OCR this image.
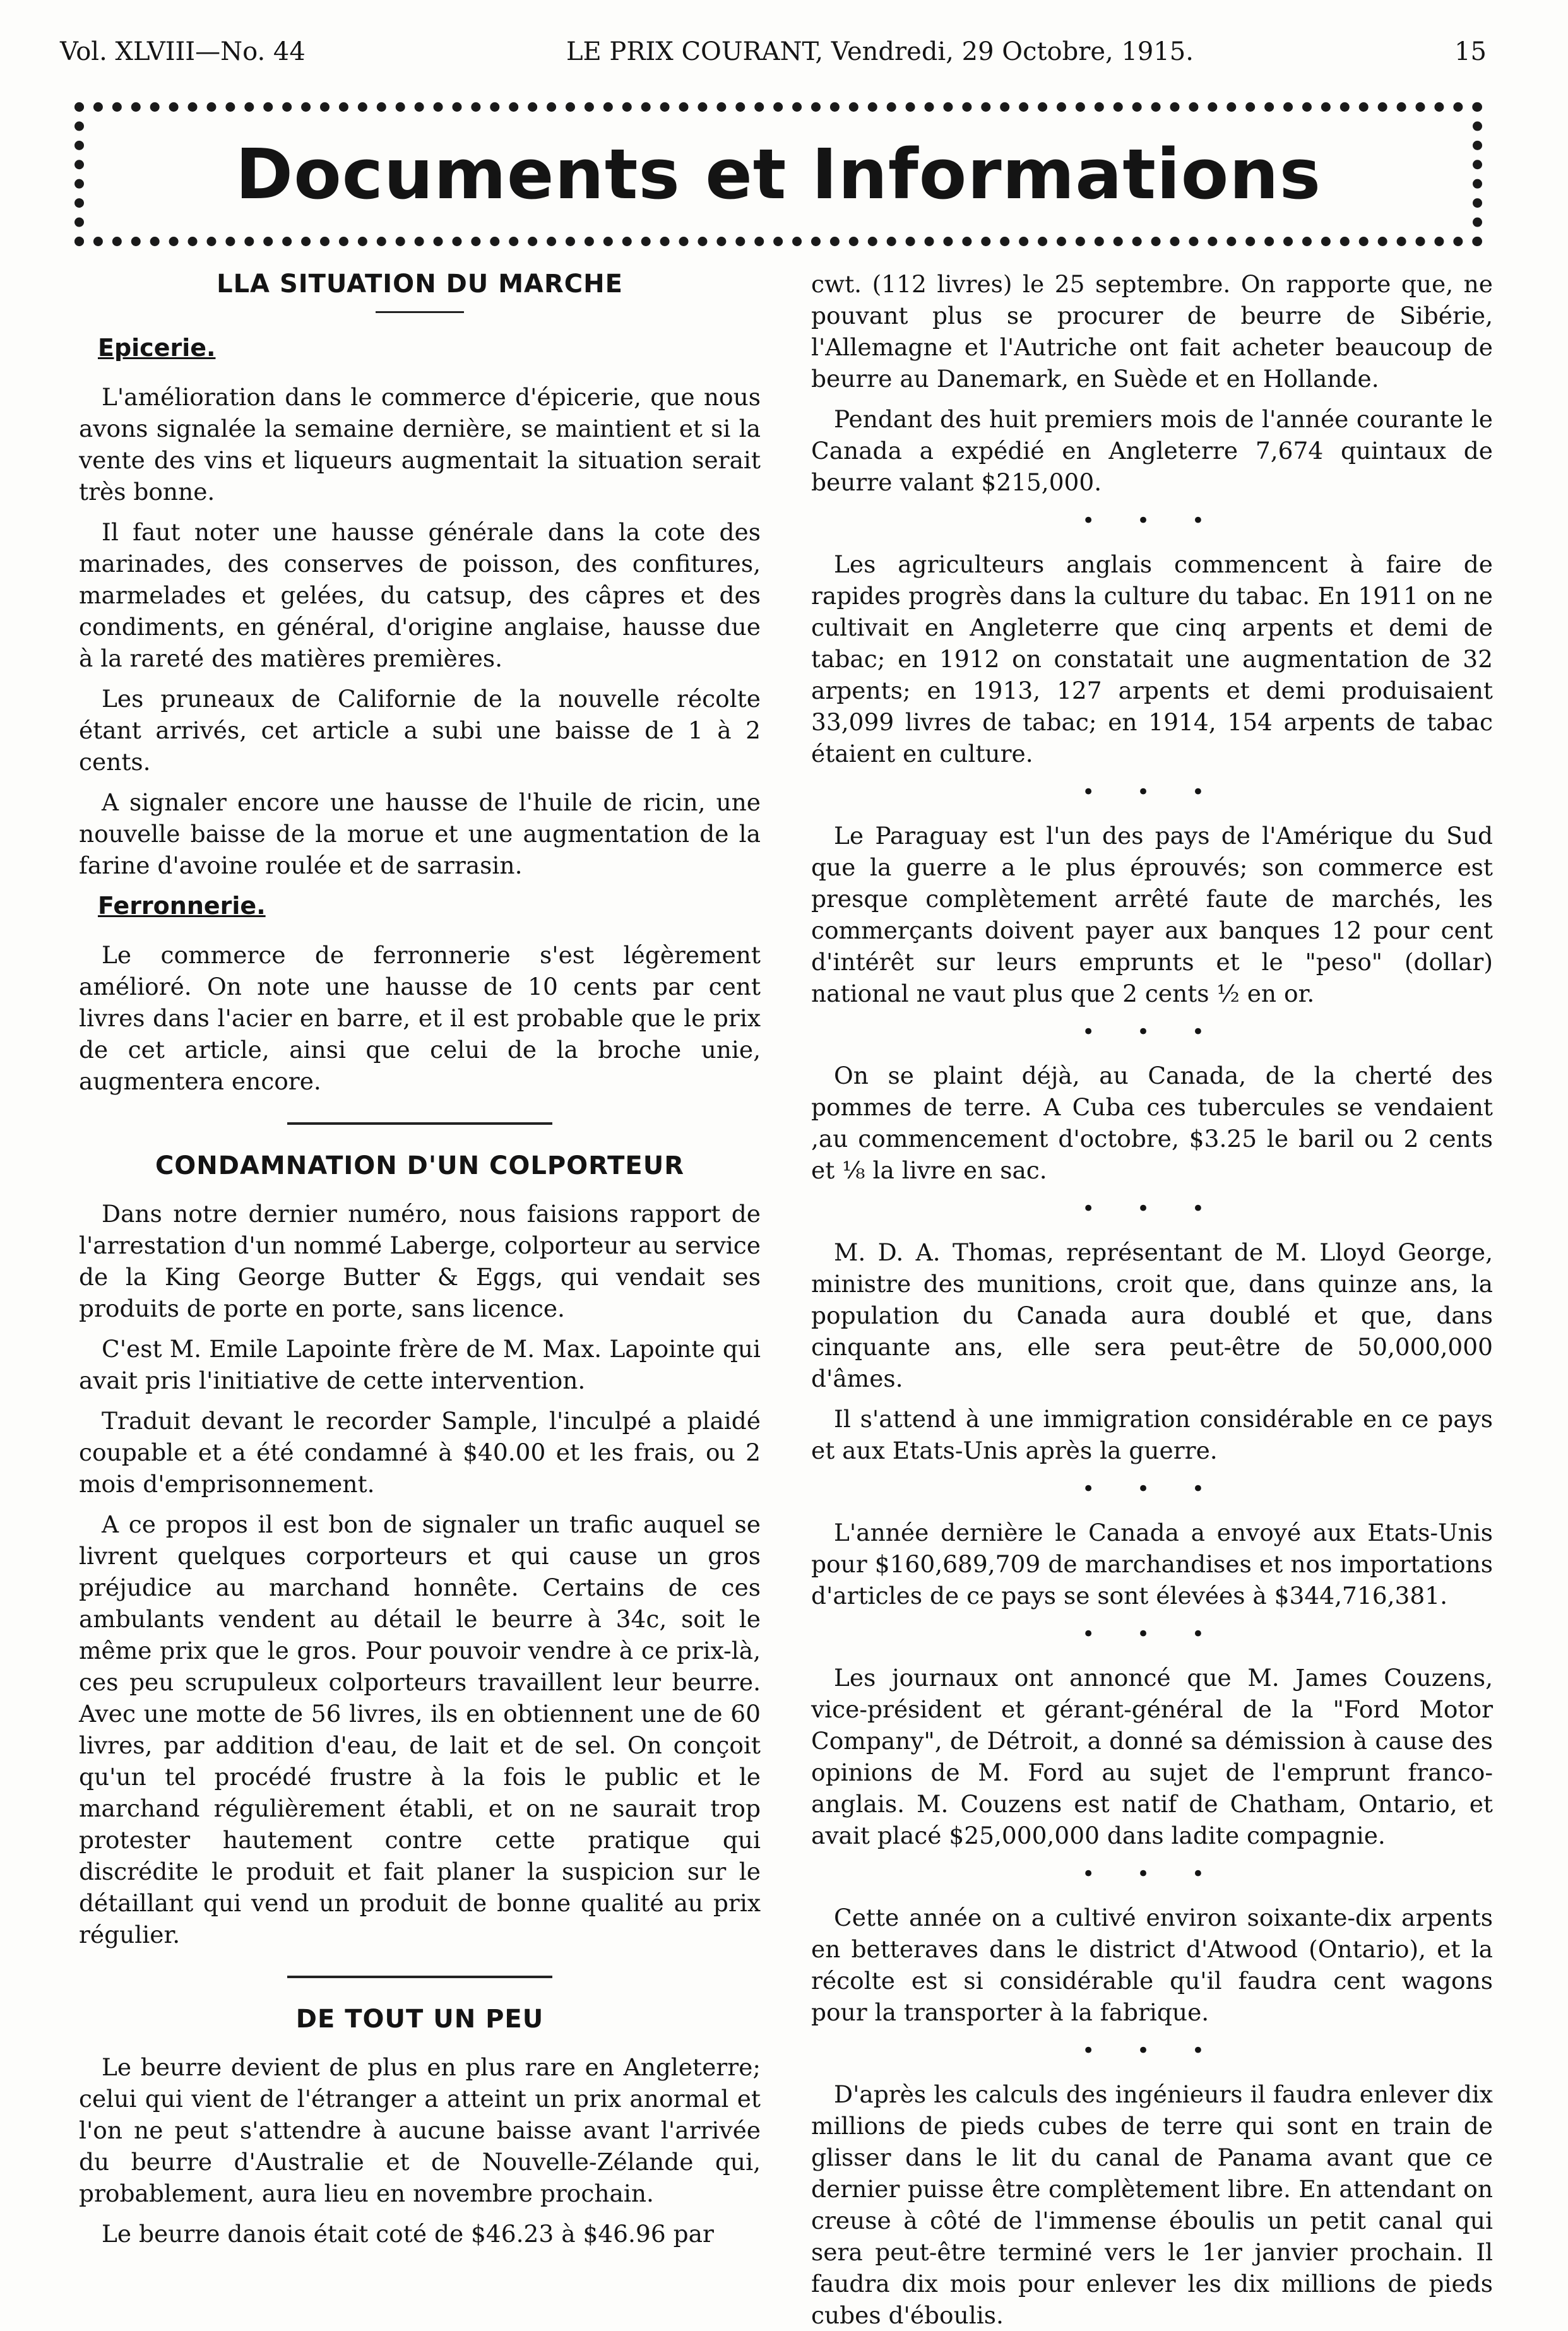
Vol. XLVIII—No. 44	LE PRIX COURANT, Vendredi, 29 Octobre, 1915.	15
Documents et Informations
LLA SITUATION DU MARCHE
Epicerie.

L'amélioration dans le commerce d'épicerie, que nous avons signalée la semaine dernière, se maintient et si la vente des vins et liqueurs augmentait la situation serait très bonne.

Il faut noter une hausse générale dans la cote des marinades, des conserves de poisson, des confitures, marmelades et gelées, du catsup, des câpres et des condiments, en général, d'origine anglaise, hausse due à la rareté des matières premières.

Les pruneaux de Californie de la nouvelle récolte étant arrivés, cet article a subi une baisse de 1 à 2 cents.

A signaler encore une hausse de l'huile de ricin, une nouvelle baisse de la morue et une augmentation de la farine d'avoine roulée et de sarrasin.

Ferronnerie.

Le commerce de ferronnerie s'est légèrement amélioré. On note une hausse de 10 cents par cent livres dans l'acier en barre, et il est probable que le prix de cet article, ainsi que celui de la broche unie, augmentera encore.

CONDAMNATION D'UN COLPORTEUR

Dans notre dernier numéro, nous faisions rapport de l'arrestation d'un nommé Laberge, colporteur au service de la King George Butter & Eggs, qui vendait ses produits de porte en porte, sans licence.

C'est M. Emile Lapointe frère de M. Max. Lapointe qui avait pris l'initiative de cette intervention.

Traduit devant le recorder Sample, l'inculpé a plaidé coupable et a été condamné à $40.00 et les frais, ou 2 mois d'emprisonnement.

A ce propos il est bon de signaler un trafic auquel se livrent quelques corporteurs et qui cause un gros préjudice au marchand honnête. Certains de ces ambulants vendent au détail le beurre à 34c, soit le même prix que le gros. Pour pouvoir vendre à ce prix-là, ces peu scrupuleux colporteurs travaillent leur beurre. Avec une motte de 56 livres, ils en obtiennent une de 60 livres, par addition d'eau, de lait et de sel. On conçoit qu'un tel procédé frustre à la fois le public et le marchand régulièrement établi, et on ne saurait trop protester hautement contre cette pratique qui discrédite le produit et fait planer la suspicion sur le détaillant qui vend un produit de bonne qualité au prix régulier.

DE TOUT UN PEU

Le beurre devient de plus en plus rare en Angleterre; celui qui vient de l'étranger a atteint un prix anormal et l'on ne peut s'attendre à aucune baisse avant l'arrivée du beurre d'Australie et de Nouvelle-Zélande qui, probablement, aura lieu en novembre prochain.

Le beurre danois était coté de $46.23 à $46.96 par

cwt. (112 livres) le 25 septembre. On rapporte que, ne pouvant plus se procurer de beurre de Sibérie, l'Allemagne et l'Autriche ont fait acheter beaucoup de beurre au Danemark, en Suède et en Hollande.

Pendant des huit premiers mois de l'année courante le Canada a expédié en Angleterre 7,674 quintaux de beurre valant $215,000.

• • •

Les agriculteurs anglais commencent à faire de rapides progrès dans la culture du tabac. En 1911 on ne cultivait en Angleterre que cinq arpents et demi de tabac; en 1912 on constatait une augmentation de 32 arpents; en 1913, 127 arpents et demi produisaient 33,099 livres de tabac; en 1914, 154 arpents de tabac étaient en culture.

• • •

Le Paraguay est l'un des pays de l'Amérique du Sud que la guerre a le plus éprouvés; son commerce est presque complètement arrêté faute de marchés, les commerçants doivent payer aux banques 12 pour cent d'intérêt sur leurs emprunts et le "peso" (dollar) national ne vaut plus que 2 cents ½ en or.

• • •

On se plaint déjà, au Canada, de la cherté des pommes de terre. A Cuba ces tubercules se vendaient ,au commencement d'octobre, $3.25 le baril ou 2 cents et ⅛ la livre en sac.

• • •

M. D. A. Thomas, représentant de M. Lloyd George, ministre des munitions, croit que, dans quinze ans, la population du Canada aura doublé et que, dans cinquante ans, elle sera peut-être de 50,000,000 d'âmes.

Il s'attend à une immigration considérable en ce pays et aux Etats-Unis après la guerre.

• • •

L'année dernière le Canada a envoyé aux Etats-Unis pour $160,689,709 de marchandises et nos importations d'articles de ce pays se sont élevées à $344,716,381.

• • •

Les journaux ont annoncé que M. James Couzens, vice-président et gérant-général de la "Ford Motor Company", de Détroit, a donné sa démission à cause des opinions de M. Ford au sujet de l'emprunt franco-anglais. M. Couzens est natif de Chatham, Ontario, et avait placé $25,000,000 dans ladite compagnie.

• • •

Cette année on a cultivé environ soixante-dix arpents en betteraves dans le district d'Atwood (Ontario), et la récolte est si considérable qu'il faudra cent wagons pour la transporter à la fabrique.

• • •

D'après les calculs des ingénieurs il faudra enlever dix millions de pieds cubes de terre qui sont en train de glisser dans le lit du canal de Panama avant que ce dernier puisse être complètement libre. En attendant on creuse à côté de l'immense éboulis un petit canal qui sera peut-être terminé vers le 1er janvier prochain. Il faudra dix mois pour enlever les dix millions de pieds cubes d'éboulis.
